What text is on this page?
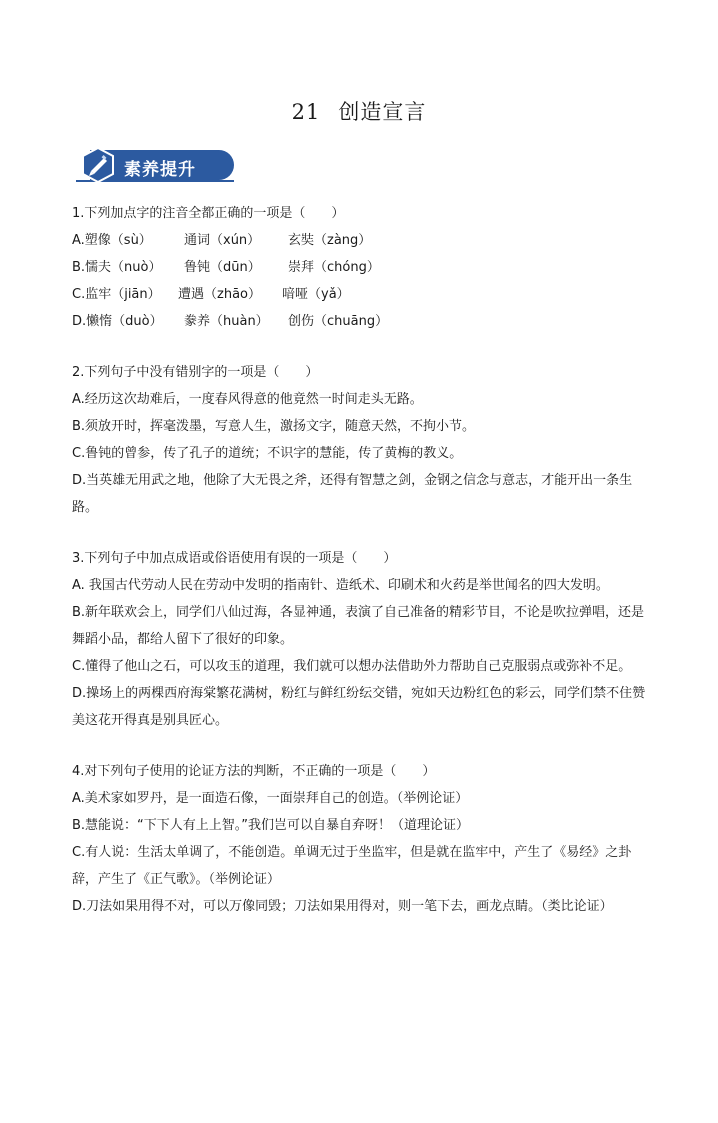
21 创造宣言
素养提升
1.下列加点字的注音全都正确的一项是（　　）
A.塑像（sù） 通词（xún） 玄奘（zàng）
B.懦夫（nuò） 鲁钝（dūn） 崇拜（chóng）
C.监牢（jiān） 遭遇（zhāo） 喑哑（yǎ）
D.懒惰（duò） 豢养（huàn） 创伤（chuāng）
2.下列句子中没有错别字的一项是（　　）
A.经历这次劫难后，一度春风得意的他竟然一时间走头无路。
B.须放开时，挥毫泼墨，写意人生，激扬文字，随意天然，不拘小节。
C.鲁钝的曾参，传了孔子的道统；不识字的慧能，传了黄梅的教义。
D.当英雄无用武之地，他除了大无畏之斧，还得有智慧之剑，金钢之信念与意志，才能开出一条生路。
3.下列句子中加点成语或俗语使用有误的一项是（　　）
A. 我国古代劳动人民在劳动中发明的指南针、造纸术、印刷术和火药是举世闻名的四大发明。
B.新年联欢会上，同学们八仙过海，各显神通，表演了自己准备的精彩节目，不论是吹拉弹唱，还是舞蹈小品，都给人留下了很好的印象。
C.懂得了他山之石，可以攻玉的道理，我们就可以想办法借助外力帮助自己克服弱点或弥补不足。
D.操场上的两棵西府海棠繁花满树，粉红与鲜红纷纭交错，宛如天边粉红色的彩云，同学们禁不住赞美这花开得真是别具匠心。
4.对下列句子使用的论证方法的判断，不正确的一项是（　　）
A.美术家如罗丹，是一面造石像，一面崇拜自己的创造。（举例论证）
B.慧能说：“下下人有上上智。”我们岂可以自暴自弃呀！（道理论证）
C.有人说：生活太单调了，不能创造。单调无过于坐监牢，但是就在监牢中，产生了《易经》之卦辞，产生了《正气歌》。（举例论证）
D.刀法如果用得不对，可以万像同毁；刀法如果用得对，则一笔下去，画龙点睛。（类比论证）
